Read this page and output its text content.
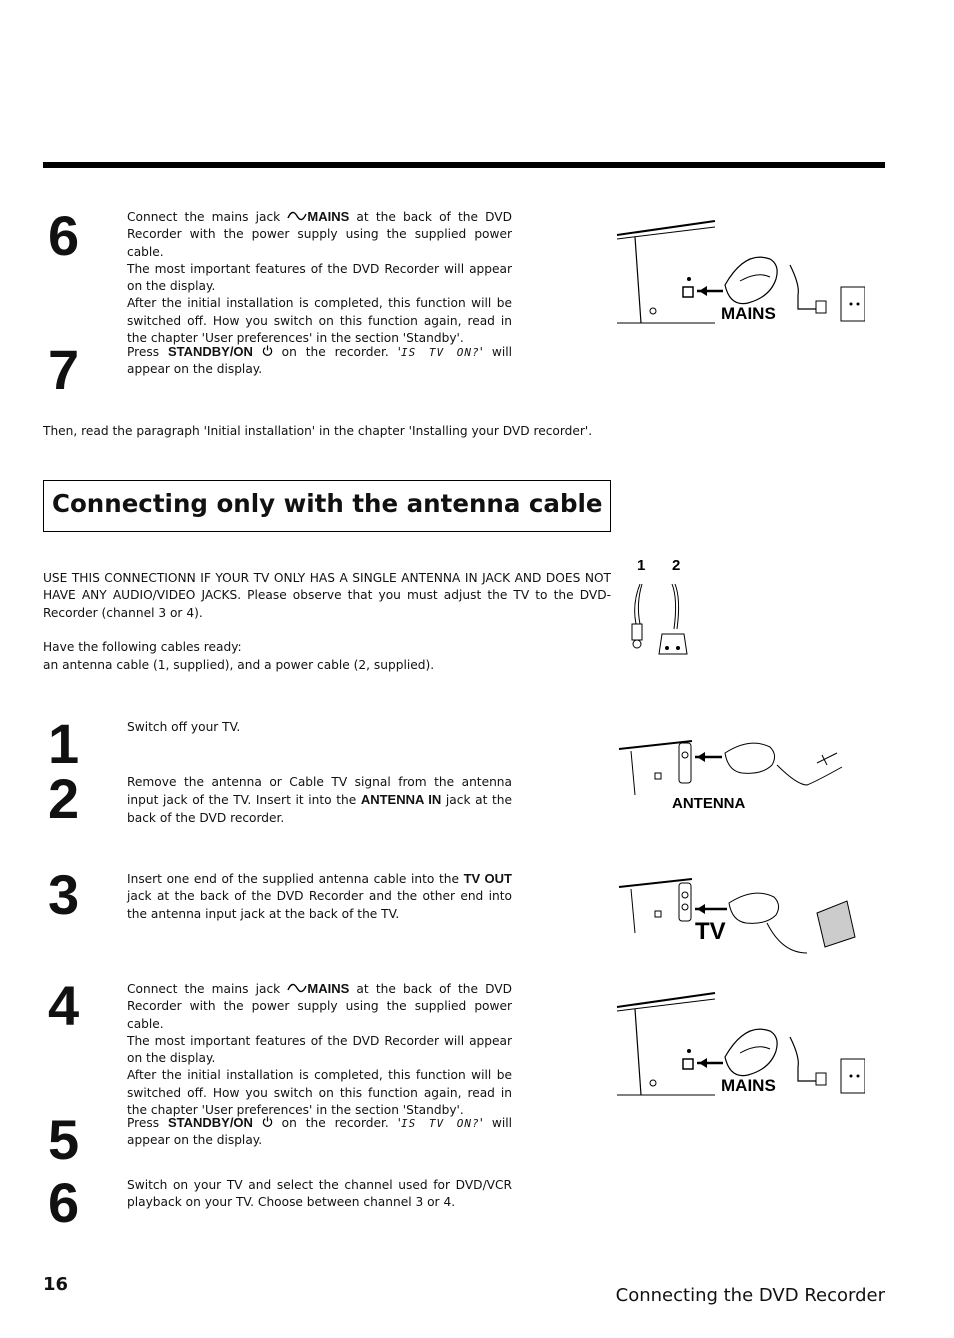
6	Connect the mains jack MAINS at the back of the DVD Recorder with the power supply using the supplied power cable.
The most important features of the DVD Recorder will appear on the display.
After the initial installation is completed, this function will be switched off. How you switch on this function again, read in the chapter 'User preferences' in the section 'Standby'.
7	Press STANDBY/ON  on the recorder. 'IS TV ON?' will appear on the display.
MAINS
Then, read the paragraph 'Initial installation' in the chapter 'Installing your DVD recorder'.
Connecting only with the antenna cable
USE THIS CONNECTIONN IF YOUR TV ONLY HAS A SINGLE ANTENNA IN JACK AND DOES NOT HAVE ANY AUDIO/VIDEO JACKS. Please observe that you must adjust the TV to the DVD-Recorder (channel 3 or 4).
Have the following cables ready:
an antenna cable (1, supplied), and a power cable (2, supplied).
1 2
1	Switch off your TV.
2	Remove the antenna or Cable TV signal from the antenna input jack of the TV. Insert it into the ANTENNA IN jack at the back of the DVD recorder.
ANTENNA
3	Insert one end of the supplied antenna cable into the TV OUT jack at the back of the DVD Recorder and the other end into the antenna input jack at the back of the TV.
TV
4	Connect the mains jack MAINS at the back of the DVD Recorder with the power supply using the supplied power cable.
The most important features of the DVD Recorder will appear on the display.
After the initial installation is completed, this function will be switched off. How you switch on this function again, read in the chapter 'User preferences' in the section 'Standby'.
MAINS
5	Press STANDBY/ON  on the recorder. 'IS TV ON?' will appear on the display.
6	Switch on your TV and select the channel used for DVD/VCR playback on your TV. Choose between channel 3 or 4.
16
Connecting the DVD Recorder
